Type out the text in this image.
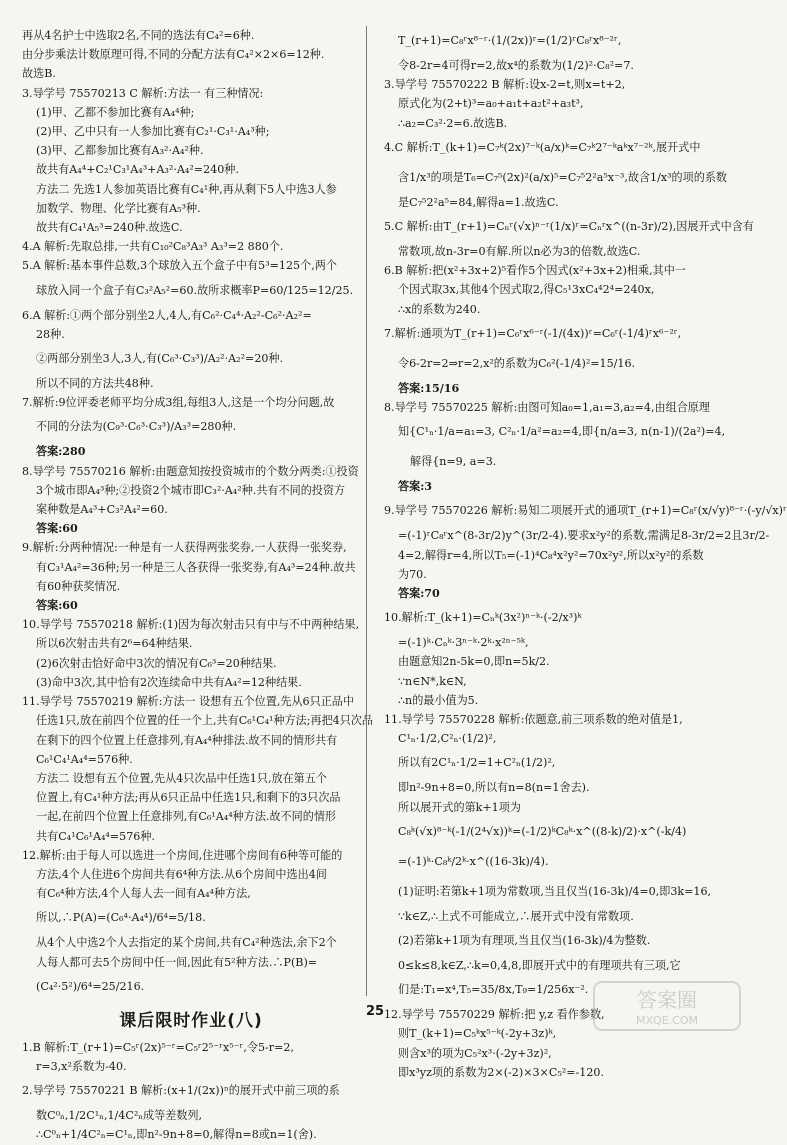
再从4名护士中选取2名,不同的选法有C₄²=6种.
由分步乘法计数原理可得,不同的分配方法有C₄²×2×6=12种.
故选B.
3.导学号 75570213 C 解析:方法一 有三种情况:
(1)甲、乙都不参加比赛有A₄⁴种;
(2)甲、乙中只有一人参加比赛有C₂¹·C₃¹·A₄³种;
(3)甲、乙都参加比赛有A₃²·A₄²种.
故共有A₄⁴+C₂¹C₃¹A₄³+A₃²·A₄²=240种.
方法二 先选1人参加英语比赛有C₄¹种,再从剩下5人中选3人参
加数学、物理、化学比赛有A₅³种.
故共有C₄¹A₅³=240种.故选C.
4.A 解析:先取总排,一共有C₁₀²C₈³A₃³ A₃³=2 880个.
5.A 解析:基本事件总数,3个球放入五个盒子中有5³=125个,两个
球放入同一个盒子有C₃²A₅²=60.故所求概率P=60/125=12/25.
6.A 解析:①两个部分别坐2人,4人,有C₆²·C₄⁴·A₂²-C₆²·A₂²=
28种.
②两部分别坐3人,3人,有(C₆³·C₃³)/A₂²·A₂²=20种.
所以不同的方法共48种.
7.解析:9位评委老师平均分成3组,每组3人,这是一个均分问题,故
不同的分法为(C₉³·C₆³·C₃³)/A₃³=280种.
答案:280
8.导学号 75570216 解析:由题意知按投资城市的个数分两类:①投资
3个城市即A₄³种;②投资2个城市即C₃²·A₄²种.共有不同的投资方
案种数是A₄³+C₃²A₄²=60.
答案:60
9.解析:分两种情况:一种是有一人获得两张奖券,一人获得一张奖券,
有C₃¹A₄²=36种;另一种是三人各获得一张奖券,有A₄³=24种.故共
有60种获奖情况.
答案:60
10.导学号 75570218 解析:(1)因为每次射击只有中与不中两种结果,
所以6次射击共有2⁶=64种结果.
(2)6次射击恰好命中3次的情况有C₆³=20种结果.
(3)命中3次,其中恰有2次连续命中共有A₄²=12种结果.
11.导学号 75570219 解析:方法一 设想有五个位置,先从6只正品中
任选1只,放在前四个位置的任一个上,共有C₆¹C₄¹种方法;再把4只次品
在剩下的四个位置上任意排列,有A₄⁴种排法.故不同的情形共有
C₆¹C₄¹A₄⁴=576种.
方法二 设想有五个位置,先从4只次品中任选1只,放在第五个
位置上,有C₄¹种方法;再从6只正品中任选1只,和剩下的3只次品
一起,在前四个位置上任意排列,有C₆¹A₄⁴种方法.故不同的情形
共有C₄¹C₆¹A₄⁴=576种.
12.解析:由于每人可以选进一个房间,住进哪个房间有6种等可能的
方法,4个人住进6个房间共有6⁴种方法.从6个房间中选出4间
有C₆⁴种方法,4个人每人去一间有A₄⁴种方法,
所以,∴P(A)=(C₆⁴·A₄⁴)/6⁴=5/18.
从4个人中选2个人去指定的某个房间,共有C₄²种选法,余下2个
人每人都可去5个房间中任一间,因此有5²种方法.∴P(B)=
(C₄²·5²)/6⁴=25/216.
课后限时作业(八)
1.B 解析:T_(r+1)=C₅ʳ(2x)⁵⁻ʳ=C₅ʳ2⁵⁻ʳx⁵⁻ʳ,令5-r=2,
r=3,x²系数为-40.
2.导学号 75570221 B 解析:(x+1/(2x))ⁿ的展开式中前三项的系
数C⁰ₙ,1/2C¹ₙ,1/4C²ₙ成等差数列,
∴C⁰ₙ+1/4C²ₙ=C¹ₙ,即n²-9n+8=0,解得n=8或n=1(舍).
T_(r+1)=C₈ʳx⁸⁻ʳ·(1/(2x))ʳ=(1/2)ʳC₈ʳx⁸⁻²ʳ,
令8-2r=4可得r=2,故x⁴的系数为(1/2)²·C₈²=7.
3.导学号 75570222 B 解析:设x-2=t,则x=t+2,
原式化为(2+t)³=a₀+a₁t+a₂t²+a₃t³,
∴a₂=C₃²·2=6.故选B.
4.C 解析:T_(k+1)=C₇ᵏ(2x)⁷⁻ᵏ(a/x)ᵏ=C₇ᵏ2⁷⁻ᵏaᵏx⁷⁻²ᵏ,展开式中
含1/x³的项是T₆=C₇⁵(2x)²(a/x)⁵=C₇⁵2²a⁵x⁻³,故含1/x³的项的系数
是C₇⁵2²a⁵=84,解得a=1.故选C.
5.C 解析:由T_(r+1)=Cₙʳ(√x)ⁿ⁻ʳ(1/x)ʳ=Cₙʳx^((n-3r)/2),因展开式中含有
常数项,故n-3r=0有解.所以n必为3的倍数,故选C.
6.B 解析:把(x²+3x+2)⁵看作5个因式(x²+3x+2)相乘,其中一
个因式取3x,其他4个因式取2,得C₅¹3xC₄⁴2⁴=240x,
∴x的系数为240.
7.解析:通项为T_(r+1)=C₆ʳx⁶⁻ʳ(-1/(4x))ʳ=C₆ʳ(-1/4)ʳx⁶⁻²ʳ,
令6-2r=2⇒r=2,x²的系数为C₆²(-1/4)²=15/16.
答案:15/16
8.导学号 75570225 解析:由图可知a₀=1,a₁=3,a₂=4,由组合原理
知{C¹ₙ·1/a=a₁=3, C²ₙ·1/a²=a₂=4,即{n/a=3, n(n-1)/(2a²)=4,
解得{n=9, a=3.
答案:3
9.导学号 75570226 解析:易知二项展开式的通项T_(r+1)=C₈ʳ(x/√y)⁸⁻ʳ·(-y/√x)ʳ
=(-1)ʳC₈ʳx^(8-3r/2)y^(3r/2-4).要求x²y²的系数,需满足8-3r/2=2且3r/2-
4=2,解得r=4,所以T₅=(-1)⁴C₈⁴x²y²=70x²y²,所以x²y²的系数
为70.
答案:70
10.解析:T_(k+1)=Cₙᵏ(3x²)ⁿ⁻ᵏ·(-2/x³)ᵏ
=(-1)ᵏ·Cₙᵏ·3ⁿ⁻ᵏ·2ᵏ·x²ⁿ⁻⁵ᵏ,
由题意知2n-5k=0,即n=5k/2.
∵n∈N*,k∈N,
∴n的最小值为5.
11.导学号 75570228 解析:依题意,前三项系数的绝对值是1,
C¹ₙ·1/2,C²ₙ·(1/2)²,
所以有2C¹ₙ·1/2=1+C²ₙ(1/2)²,
即n²-9n+8=0,所以有n=8(n=1舍去).
所以展开式的第k+1项为
C₈ᵏ(√x)⁸⁻ᵏ(-1/(2⁴√x))ᵏ=(-1/2)ᵏC₈ᵏ·x^((8-k)/2)·x^(-k/4)
=(-1)ᵏ·C₈ᵏ/2ᵏ·x^((16-3k)/4).
(1)证明:若第k+1项为常数项,当且仅当(16-3k)/4=0,即3k=16,
∵k∈Z,∴上式不可能成立,∴展开式中没有常数项.
(2)若第k+1项为有理项,当且仅当(16-3k)/4为整数.
0≤k≤8,k∈Z,∴k=0,4,8,即展开式中的有理项共有三项,它
们是:T₁=x⁴,T₅=35/8x,T₉=1/256x⁻².
12.导学号 75570229 解析:把 y,z 看作参数,
则T_(k+1)=C₅ᵏx⁵⁻ᵏ(-2y+3z)ᵏ,
则含x³的项为C₅²x³·(-2y+3z)²,
即x³yz项的系数为2×(-2)×3×C₅²=-120.
25	答案圈
MXQE.COM
